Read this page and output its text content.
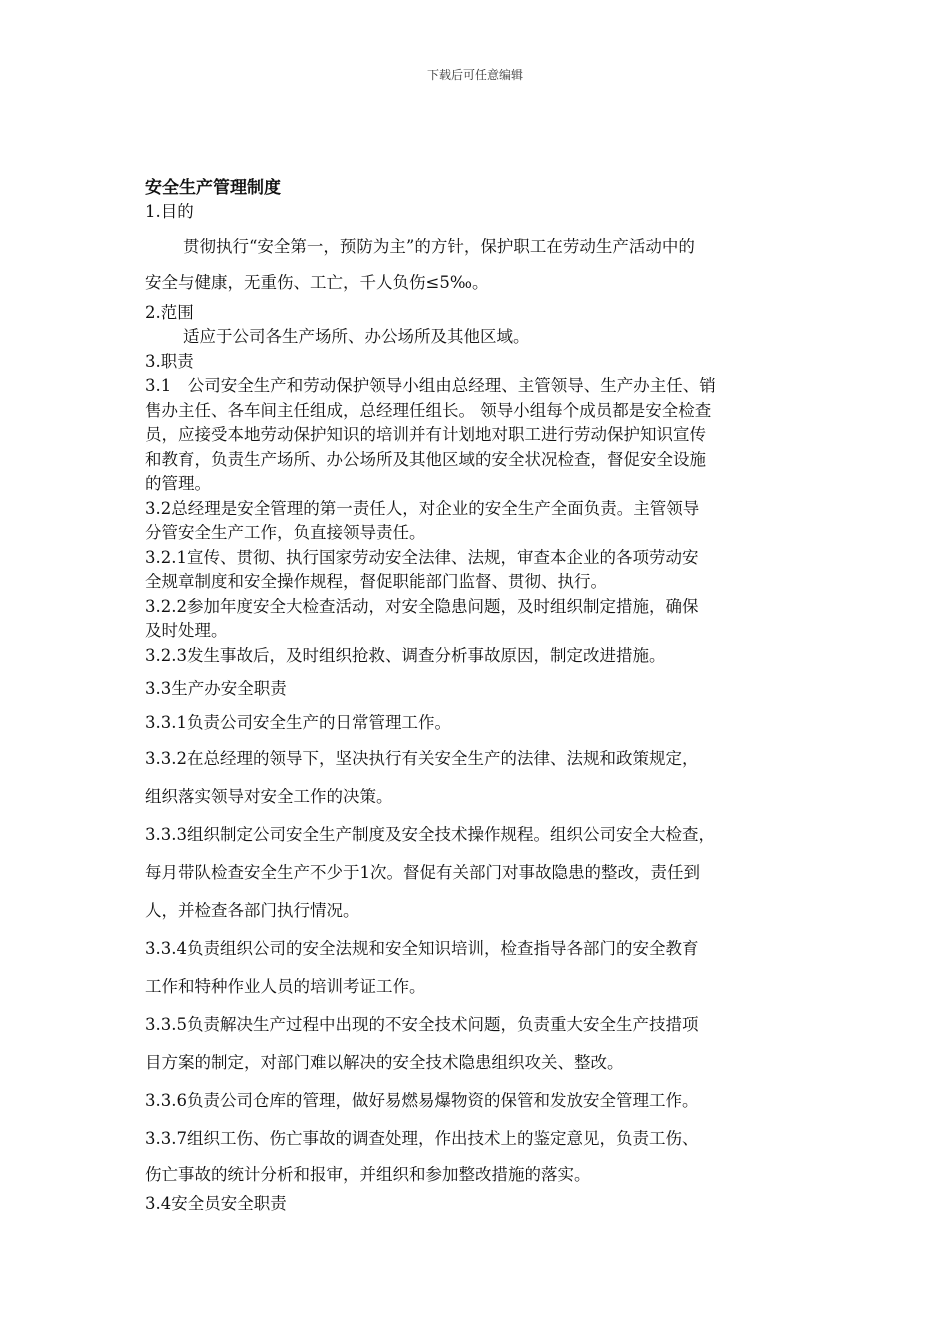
下载后可任意编辑
安全生产管理制度
1.目的
贯彻执行“安全第一，预防为主”的方针，保护职工在劳动生产活动中的
安全与健康，无重伤、工亡，千人负伤≤5‰。
2.范围
适应于公司各生产场所、办公场所及其他区域。
3.职责
3.1　公司安全生产和劳动保护领导小组由总经理、主管领导、生产办主任、销
售办主任、各车间主任组成，总经理任组长。 领导小组每个成员都是安全检查
员，应接受本地劳动保护知识的培训并有计划地对职工进行劳动保护知识宣传
和教育，负责生产场所、办公场所及其他区域的安全状况检查，督促安全设施
的管理。
3.2总经理是安全管理的第一责任人，对企业的安全生产全面负责。主管领导
分管安全生产工作，负直接领导责任。
3.2.1宣传、贯彻、执行国家劳动安全法律、法规，审查本企业的各项劳动安
全规章制度和安全操作规程，督促职能部门监督、贯彻、执行。
3.2.2参加年度安全大检查活动，对安全隐患问题，及时组织制定措施，确保
及时处理。
3.2.3发生事故后，及时组织抢救、调查分析事故原因，制定改进措施。
3.3生产办安全职责
3.3.1负责公司安全生产的日常管理工作。
3.3.2在总经理的领导下，坚决执行有关安全生产的法律、法规和政策规定，
组织落实领导对安全工作的决策。
3.3.3组织制定公司安全生产制度及安全技术操作规程。组织公司安全大检查，
每月带队检查安全生产不少于1次。督促有关部门对事故隐患的整改，责任到
人，并检查各部门执行情况。
3.3.4负责组织公司的安全法规和安全知识培训，检查指导各部门的安全教育
工作和特种作业人员的培训考证工作。
3.3.5负责解决生产过程中出现的不安全技术问题，负责重大安全生产技措项
目方案的制定，对部门难以解决的安全技术隐患组织攻关、整改。
3.3.6负责公司仓库的管理，做好易燃易爆物资的保管和发放安全管理工作。
3.3.7组织工伤、伤亡事故的调查处理，作出技术上的鉴定意见，负责工伤、
伤亡事故的统计分析和报审，并组织和参加整改措施的落实。
3.4安全员安全职责
